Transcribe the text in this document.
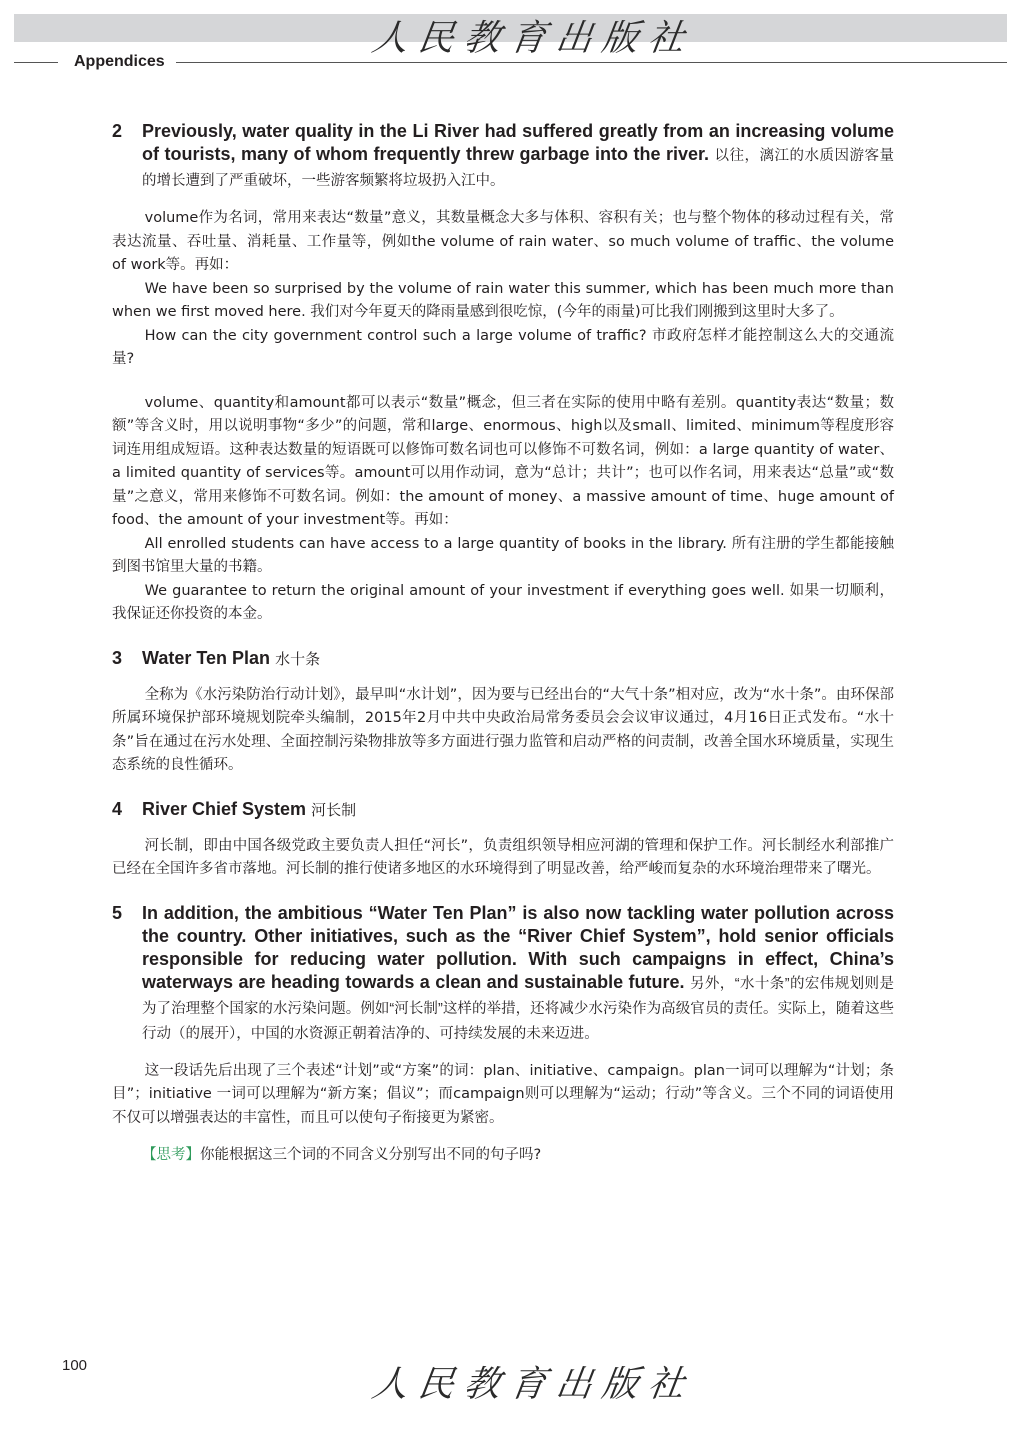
人民教育出版社
Appendices
2 Previously, water quality in the Li River had suffered greatly from an increasing volume of tourists, many of whom frequently threw garbage into the river. 以往，漓江的水质因游客量的增长遭到了严重破坏，一些游客频繁将垃圾扔入江中。

volume作为名词，常用来表达“数量”意义，其数量概念大多与体积、容积有关；也与整个物体的移动过程有关，常表达流量、吞吐量、消耗量、工作量等，例如the volume of rain water、so much volume of traffic、the volume of work等。再如：

We have been so surprised by the volume of rain water this summer, which has been much more than when we first moved here. 我们对今年夏天的降雨量感到很吃惊，(今年的雨量)可比我们刚搬到这里时大多了。

How can the city government control such a large volume of traffic? 市政府怎样才能控制这么大的交通流量?

volume、quantity和amount都可以表示“数量”概念，但三者在实际的使用中略有差别。quantity表达“数量；数额”等含义时，用以说明事物“多少”的问题，常和large、enormous、high以及small、limited、minimum等程度形容词连用组成短语。这种表达数量的短语既可以修饰可数名词也可以修饰不可数名词，例如：a large quantity of water、a limited quantity of services等。amount可以用作动词，意为“总计；共计”；也可以作名词，用来表达“总量”或“数量”之意义，常用来修饰不可数名词。例如：the amount of money、a massive amount of time、huge amount of food、the amount of your investment等。再如：

All enrolled students can have access to a large quantity of books in the library. 所有注册的学生都能接触到图书馆里大量的书籍。

We guarantee to return the original amount of your investment if everything goes well. 如果一切顺利，我保证还你投资的本金。

3 Water Ten Plan 水十条

全称为《水污染防治行动计划》，最早叫“水计划”，因为要与已经出台的“大气十条”相对应，改为“水十条”。由环保部所属环境保护部环境规划院牵头编制，2015年2月中共中央政治局常务委员会会议审议通过，4月16日正式发布。“水十条”旨在通过在污水处理、全面控制污染物排放等多方面进行强力监管和启动严格的问责制，改善全国水环境质量，实现生态系统的良性循环。

4 River Chief System 河长制

河长制，即由中国各级党政主要负责人担任“河长”，负责组织领导相应河湖的管理和保护工作。河长制经水利部推广已经在全国许多省市落地。河长制的推行使诸多地区的水环境得到了明显改善，给严峻而复杂的水环境治理带来了曙光。

5 In addition, the ambitious “Water Ten Plan” is also now tackling water pollution across the country. Other initiatives, such as the “River Chief System”, hold senior officials responsible for reducing water pollution. With such campaigns in effect, China’s waterways are heading towards a clean and sustainable future. 另外，“水十条”的宏伟规划则是为了治理整个国家的水污染问题。例如“河长制”这样的举措，还将减少水污染作为高级官员的责任。实际上，随着这些行动（的展开），中国的水资源正朝着洁净的、可持续发展的未来迈进。

这一段话先后出现了三个表述“计划”或“方案”的词：plan、initiative、campaign。plan一词可以理解为“计划；条目”；initiative 一词可以理解为“新方案；倡议”；而campaign则可以理解为“运动；行动”等含义。三个不同的词语使用不仅可以增强表达的丰富性，而且可以使句子衔接更为紧密。

【思考】你能根据这三个词的不同含义分别写出不同的句子吗?

100	人民教育出版社
